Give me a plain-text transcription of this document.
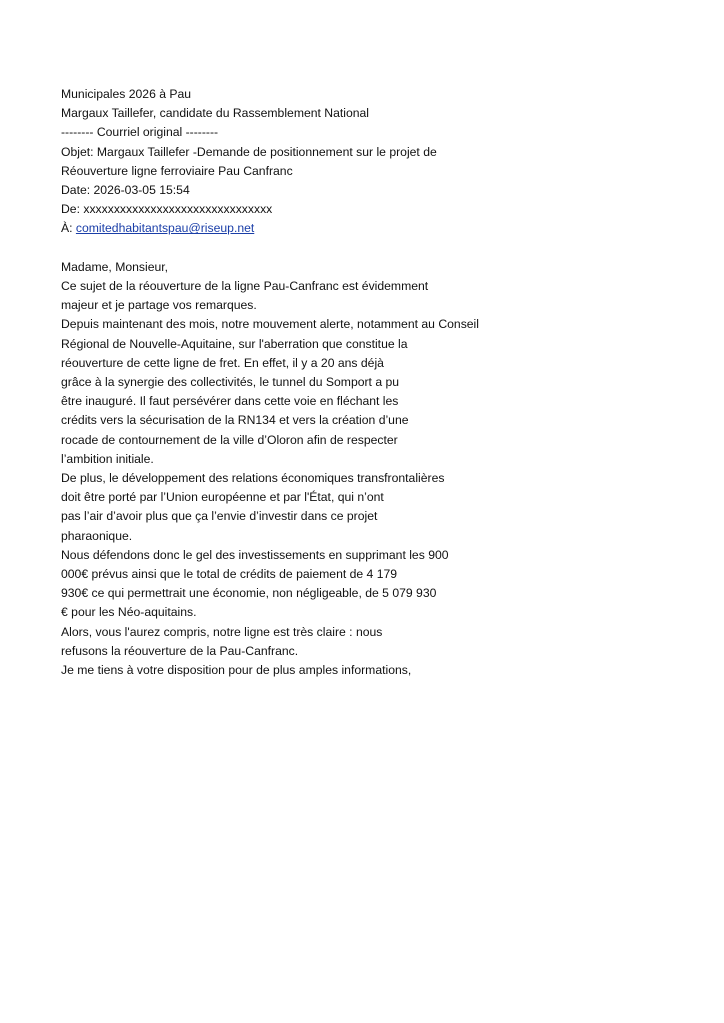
Municipales 2026 à Pau
Margaux Taillefer, candidate du Rassemblement National
-------- Courriel original --------
Objet: Margaux Taillefer -Demande de positionnement sur le projet de
Réouverture ligne ferroviaire Pau Canfranc
Date: 2026-03-05 15:54
De: xxxxxxxxxxxxxxxxxxxxxxxxxxxxxxx
À: comitedhabitantspau@riseup.net
Madame, Monsieur,
Ce sujet de la réouverture de la ligne Pau-Canfranc est évidemment
majeur et je partage vos remarques.
Depuis maintenant des mois, notre mouvement alerte, notamment au Conseil
Régional de Nouvelle-Aquitaine, sur l'aberration que constitue la
réouverture de cette ligne de fret. En effet, il y a 20 ans déjà
grâce à la synergie des collectivités, le tunnel du Somport a pu
être inauguré. Il faut persévérer dans cette voie en fléchant les
crédits vers la sécurisation de la RN134 et vers la création d’une
rocade de contournement de la ville d’Oloron afin de respecter
l’ambition initiale.
De plus, le développement des relations économiques transfrontalières
doit être porté par l’Union européenne et par l'État, qui n’ont
pas l’air d’avoir plus que ça l’envie d’investir dans ce projet
pharaonique.
Nous défendons donc le gel des investissements en supprimant les 900
000€ prévus ainsi que le total de crédits de paiement de 4 179
930€ ce qui permettrait une économie, non négligeable, de 5 079 930
€ pour les Néo-aquitains.
Alors, vous l'aurez compris, notre ligne est très claire : nous
refusons la réouverture de la Pau-Canfranc.
Je me tiens à votre disposition pour de plus amples informations,
